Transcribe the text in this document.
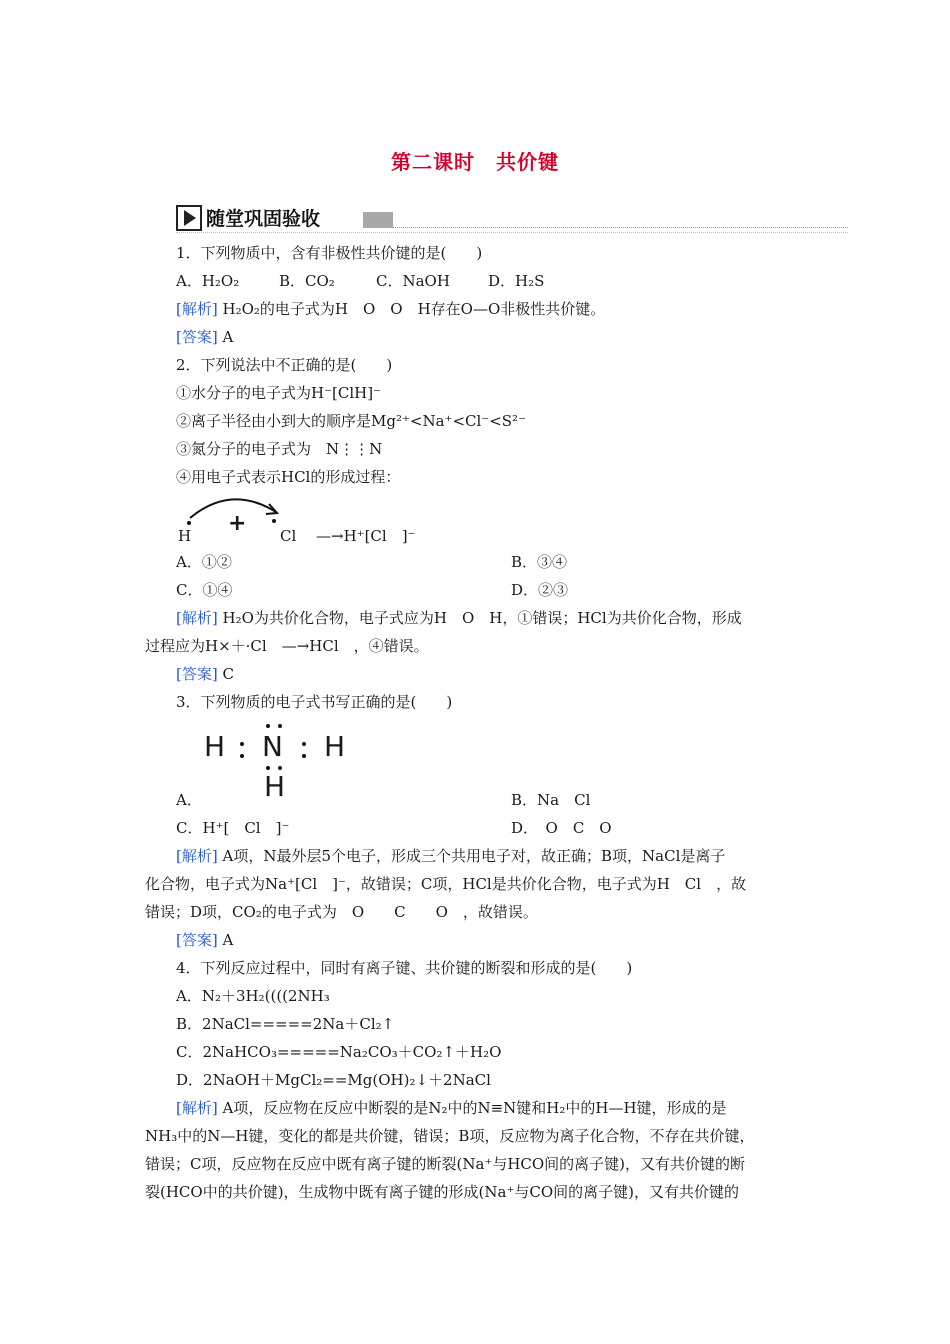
第二课时　共价键
随堂巩固验收
1．下列物质中，含有非极性共价键的是(　　)
A．H₂O₂	B．CO₂	C．NaOH	D．H₂S
[解析] H₂O₂的电子式为H　O　O　H存在O—O非极性共价键。
[答案] A
2．下列说法中不正确的是(　　)
①水分子的电子式为H⁻[ClH]⁻
②离子半径由小到大的顺序是Mg²⁺<Na⁺<Cl⁻<S²⁻
③氮分子的电子式为　N⋮⋮N
④用电子式表示HCl的形成过程：
H + Cl —→H⁺[Cl　]⁻
A．①②	B．③④
C．①④	D．②③
[解析] H₂O为共价化合物，电子式应为H　O　H，①错误；HCl为共价化合物，形成
过程应为H×＋·Cl　—→HCl　，④错误。
[答案] C
3．下列物质的电子式书写正确的是(　　)
H N H
H
A．	B．Na　Cl
C．H⁺[　Cl　]⁻	D．　O　C　O
[解析] A项，N最外层5个电子，形成三个共用电子对，故正确；B项，NaCl是离子
化合物，电子式为Na⁺[Cl　]⁻，故错误；C项，HCl是共价化合物，电子式为H　Cl　，故
错误；D项，CO₂的电子式为　O　　C　　O　，故错误。
[答案] A
4．下列反应过程中，同时有离子键、共价键的断裂和形成的是(　　)
A．N₂＋3H₂((((2NH₃
B．2NaCl=====2Na＋Cl₂↑
C．2NaHCO₃=====Na₂CO₃＋CO₂↑＋H₂O
D．2NaOH＋MgCl₂==Mg(OH)₂↓＋2NaCl
[解析] A项，反应物在反应中断裂的是N₂中的N≡N键和H₂中的H—H键，形成的是
NH₃中的N—H键，变化的都是共价键，错误；B项，反应物为离子化合物，不存在共价键，
错误；C项，反应物在反应中既有离子键的断裂(Na⁺与HCO间的离子键)，又有共价键的断
裂(HCO中的共价键)，生成物中既有离子键的形成(Na⁺与CO间的离子键)，又有共价键的
